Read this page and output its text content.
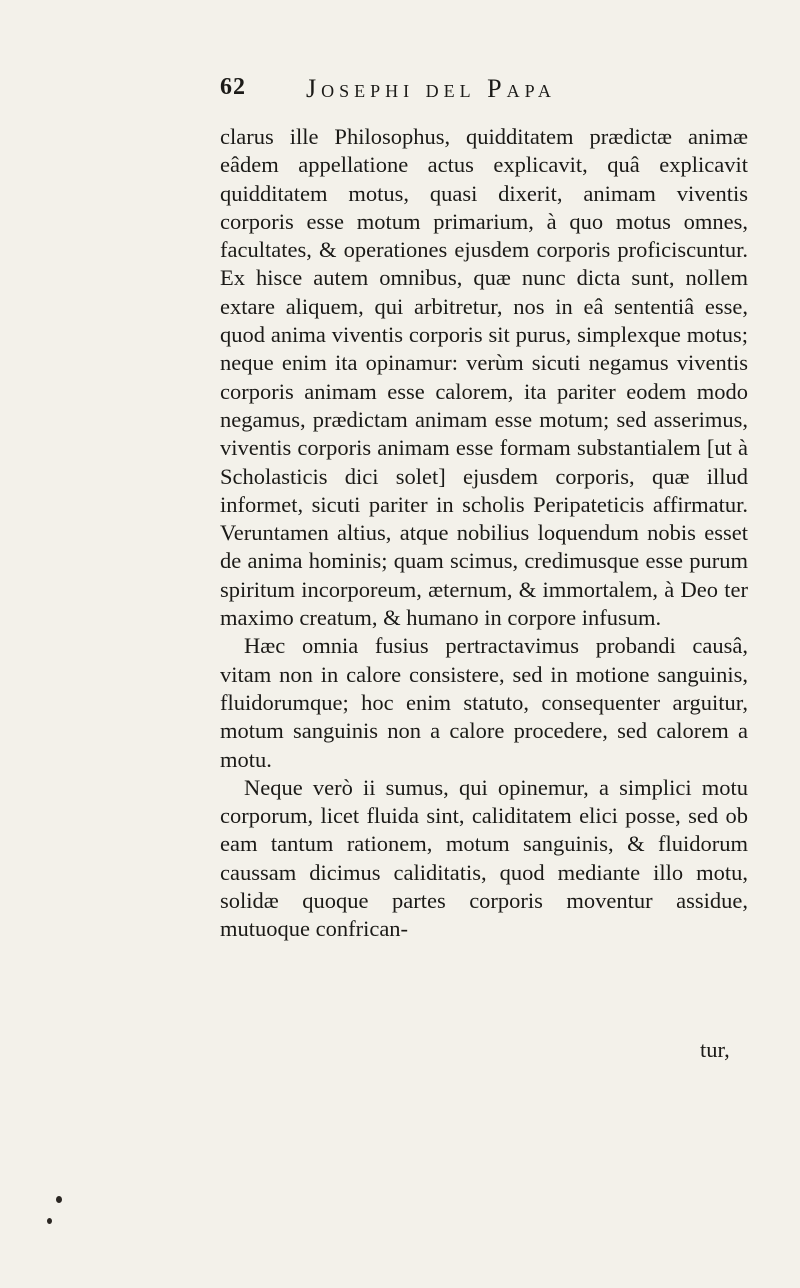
62 Josephi del Papa

clarus ille Philosophus, quidditatem prædictæ animæ eâdem appellatione actus explicavit, quâ explicavit quidditatem motus, quasi dixerit, animam viventis corporis esse motum primarium, à quo motus omnes, facultates, & operationes ejusdem corporis proficiscuntur. Ex hisce autem omnibus, quæ nunc dicta sunt, nollem extare aliquem, qui arbitretur, nos in eâ sententiâ esse, quod anima viventis corporis sit purus, simplexque motus; neque enim ita opinamur: verùm sicuti negamus viventis corporis animam esse calorem, ita pariter eodem modo negamus, prædictam animam esse motum; sed asserimus, viventis corporis animam esse formam substantialem [ut à Scholasticis dici solet] ejusdem corporis, quæ illud informet, sicuti pariter in scholis Peripateticis affirmatur. Veruntamen altius, atque nobilius loquendum nobis esset de anima hominis; quam scimus, credimusque esse purum spiritum incorporeum, æternum, & immortalem, à Deo ter maximo creatum, & humano in corpore infusum.

Hæc omnia fusius pertractavimus probandi causâ, vitam non in calore consistere, sed in motione sanguinis, fluidorumque; hoc enim statuto, consequenter arguitur, motum sanguinis non a calore procedere, sed calorem a motu.

Neque verò ii sumus, qui opinemur, a simplici motu corporum, licet fluida sint, caliditatem elici posse, sed ob eam tantum rationem, motum sanguinis, & fluidorum caussam dicimus caliditatis, quod mediante illo motu, solidæ quoque partes corporis moventur assidue, mutuoque confrican-

tur,
